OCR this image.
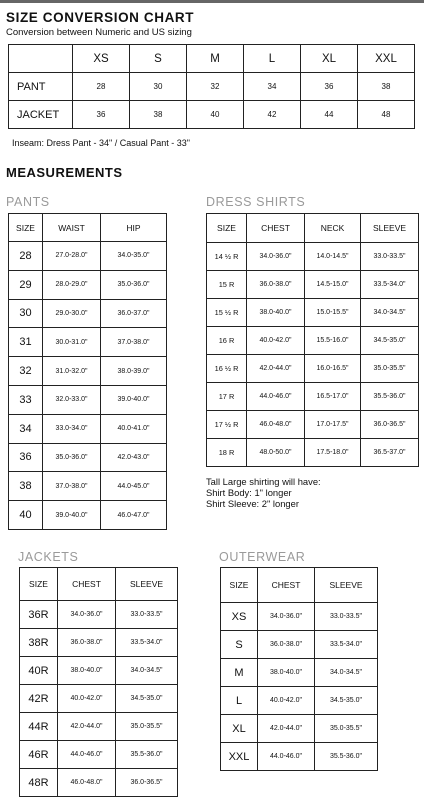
SIZE CONVERSION CHART
Conversion between Numeric and US sizing
	XS	S	M	L	XL	XXL
PANT	28	30	32	34	36	38
JACKET	36	38	40	42	44	48
Inseam: Dress Pant - 34" / Casual Pant - 33"
MEASUREMENTS
PANTS
SIZE	WAIST	HIP
28	27.0-28.0"	34.0-35.0"
29	28.0-29.0"	35.0-36.0"
30	29.0-30.0"	36.0-37.0"
31	30.0-31.0"	37.0-38.0"
32	31.0-32.0"	38.0-39.0"
33	32.0-33.0"	39.0-40.0"
34	33.0-34.0"	40.0-41.0"
36	35.0-36.0"	42.0-43.0"
38	37.0-38.0"	44.0-45.0"
40	39.0-40.0"	46.0-47.0"
DRESS SHIRTS
SIZE	CHEST	NECK	SLEEVE
14 ½ R	34.0-36.0"	14.0-14.5"	33.0-33.5"
15 R	36.0-38.0"	14.5-15.0"	33.5-34.0"
15 ½ R	38.0-40.0"	15.0-15.5"	34.0-34.5"
16 R	40.0-42.0"	15.5-16.0"	34.5-35.0"
16 ½ R	42.0-44.0"	16.0-16.5"	35.0-35.5"
17 R	44.0-46.0"	16.5-17.0"	35.5-36.0"
17 ½ R	46.0-48.0"	17.0-17.5"	36.0-36.5"
18 R	48.0-50.0"	17.5-18.0"	36.5-37.0"
Tall Large shirting will have:
Shirt Body: 1" longer
Shirt Sleeve: 2" longer
JACKETS
SIZE	CHEST	SLEEVE
36R	34.0-36.0"	33.0-33.5"
38R	36.0-38.0"	33.5-34.0"
40R	38.0-40.0"	34.0-34.5"
42R	40.0-42.0"	34.5-35.0"
44R	42.0-44.0"	35.0-35.5"
46R	44.0-46.0"	35.5-36.0"
48R	46.0-48.0"	36.0-36.5"
OUTERWEAR
SIZE	CHEST	SLEEVE
XS	34.0-36.0"	33.0-33.5"
S	36.0-38.0"	33.5-34.0"
M	38.0-40.0"	34.0-34.5"
L	40.0-42.0"	34.5-35.0"
XL	42.0-44.0"	35.0-35.5"
XXL	44.0-46.0"	35.5-36.0"
